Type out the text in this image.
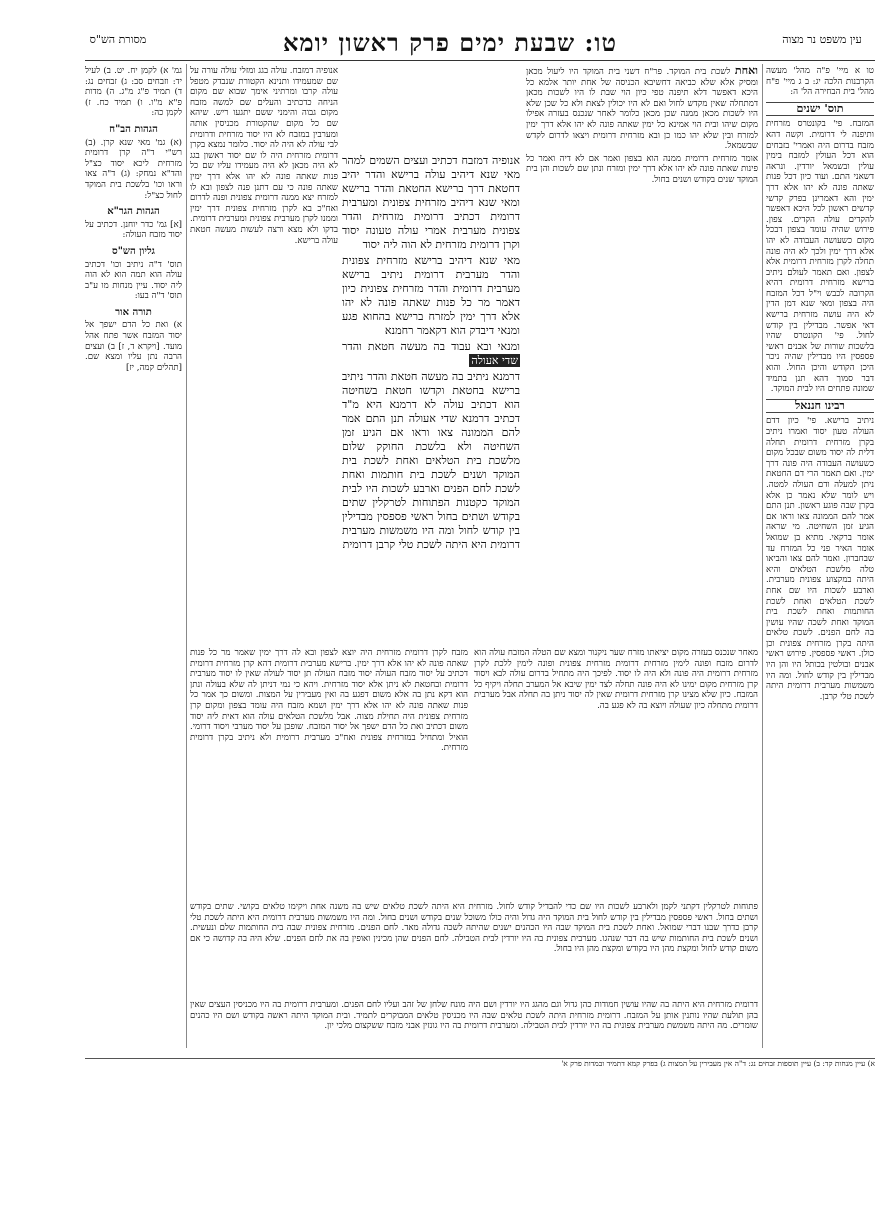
עין משפט נר מצוה
טו: שבעת ימים פרק ראשון יומא
מסורת הש"ס

טו א מיי' פ"ה מהל' מעשה הקרבנות הלכה יג: ב ג מיי' פ"ח מהל' בית הבחירה הל' ה:

תוס' ישנים

המזבח. פי' בקונטרס מזרחית ותיפנה לי דרומית. וקשה דהא מזבח בדרום היה ואמרי' בזבחים הוא דכל העולין למזבח בימין עולין ובשמאל יורדין. ונראה דשאני התם. ועוד כיון דכל פנות שאתה פונה לא יהו אלא דרך ימין והא דאמרינן בפרק קדשי קדשים ראשון לכל היכא דאפשר להקדים עולה הקדים. צפון. פירוש שהיה עומד בצפון דבכל מקום כשעושה העבודה לא יהו אלא דרך ימין ולכך לא היה פונה תחלה לקרן מזרחית דרומית אלא לצפון. ואם תאמר לעולם ניתיב ברישא מזרחית דרומית דהיא הקרובה לכבש וי"ל דכל המזבח היה בצפון ומאי שנא דמן הדין לא היה עושה מזרחית ברישא דאי אפשר. מבדילין בין קודש לחול. פי' הקונטרס שהיו בלשכות שורות של אבנים ראשי פספסין היו מבדילין שהיה ניכר היכן הקודש והיכן החול. והוא דבר סמוך דהא תנן בתמיד שמונה פתחים היו לבית המוקד.

רבינו חננאל

ניתיב ברישא. פי' כיון דדם העולה טעון יסוד ואמרו ניתיב בקרן מזרחית דרומית תחלה דלית לה יסוד משום שבכל מקום כשעושה העבודה היה פונה דרך ימין. ואם תאמר הרי דם החטאת ניתן למעלה ודם העולה למטה. ויש לומר שלא נאמר כן אלא בקרן שבה פוגע ראשון. תנן התם אמר להם הממונה צאו וראו אם הגיע זמן השחיטה. מי שראה אומר ברקאי. מתיא בן שמואל אומר האיר פני כל המזרח עד שבחברון. ואמר להם צאו והביאו טלה מלשכת הטלאים והיא היתה במקצוע צפונית מערבית. וארבע לשכות היו שם אחת לשכת הטלאים ואחת לשכת החותמות ואחת לשכת בית המוקד ואחת לשכה שהיו עושין בה לחם הפנים. לשכת טלאים היתה בקרן מזרחית צפונית וכן כולן. ראשי פספסין. פירוש ראשי אבנים ובולטין בכותל היו והן היו מבדילין בין קודש לחול. ומה היו משמשות מערבית דרומית היתה לשכת טלי קרבן.

ואחת לשכת בית המוקד. פר"ח דשני בית המוקד היו ליעול מכאן ומסיק אלא שלא כביאה דחשיבא הכניסה של אחת יותר אלמא כל היכא דאפשר דלא תיפנה טפי כיון הוי שבת לו היו לשכות מכאן דמתחלה שאין מקדש לחול ואם לא היו יכולין לצאת ולא כל שכן שלא היו לשכות מכאן ממנה שכן מכאן כלומר לאחר שנכנס בעזרה אפילו מקום שיהו ובית הוי אמינא כל ימין שאתה פונה לא יהו אלא דרך ימין למזרח ובין שלא יהו כמו כן ובא מזרחית דרומית ויצאו לדרום לקדש שבשמאל.

אומר מזרחית דרומית ממנה הוא בצפון ואמר אם לא דיה ואמר כל פינות שאתה פונה לא יהו אלא דרך ימין ומזרח ונתן שם לשכות והן בית המוקד שנים בקודש ושנים בחול.

אנופיה דמזבח דכתיב ועצים השמים למהר מאי שנא דיהיב עולה ברישא והדר יהיב דחטאת דרך ברישא החטאת והדר ברישא ומאי שנא דיהיב מזרחית צפונית ומערבית דרומית דכתיב דרומית מזרחית והדר צפונית מערבית אמרי עולה טעונה יסוד וקרן דרומית מזרחית לא הוה ליה יסוד

מאי שנא דיהיב ברישא מזרחית צפונית והדר מערבית דרומית ניתיב ברישא מערבית דרומית והדר מזרחית צפונית כיון דאמר מר כל פנות שאתה פונה לא יהו אלא דרך ימין למזרח ברישא בהחוא פגע ומנאי דיבדק הוא דקאמר רחמנא

ומנאי ובא עבוד בה מעשה חטאת והדר שדי אעולה

דרמנא ניתיב בה מעשה חטאת והדר ניתיב ברישא בחטאת וקדשו חטאת בשחיטה הוא דכתיב עולה לא דרמנא היא מ"ד דכתיב דרמנא שדי אעולה תנן התם אמר להם הממונה צאו וראו אם הגיע זמן השחיטה ולא בלשכת החוקק שלום מלשכת בית הטלאים ואחת לשכת בית המוקד ושנים לשכת בית חותמות ואחת לשכת לחם הפנים וארבע לשכות היו לבית המוקד כקטנות הפתוחות לטרקלין שתים בקודש ושתים בחול ראשי פספסין מבדילין בין קודש לחול ומה היו משמשות מערבית דרומית היא היתה לשכת טלי קרבן דרומית

אנופיה דמזבח. עולה בגג ומזלי עולה עורה על שם שמעמידו ותנינא הקטורת שנבדק מטפל עולה קרבו ומרתיני אימך שבוא שם מקום הניחה כדכתיב והעלים שם למשה מזבח מקום גבוה והימני ששם יתגעו ריש. שיהא שם כל מקום שהקטורת מכניסין אותה ומערבין במזבח לא היו יסוד מזרחית ודרומית לבי עולה לא היה לה יסוד. כלומר נמצא בקרן דרומית מזרחית היה לו שם יסוד ראשון בגג לא היה מכאן לא היה מעמידו עליו שם כל פנות שאתה פונה לא יהו אלא דרך ימין שאתה פונה כי עם דתנן פנה לצפון ובא לו למזרח יצא ממנה דרומית צפונית ופנה לדרום ואח"כ בא לקרן מזרחית צפונית דרך ימין וממנו לקרן מערבית צפונית ומערבית דרומית. בדקו ולא מצא ורצה לעשות מעשה חטאת עולה ברישא.

מזבח לקרן דרומית מזרחית היה יוצא לצפון ובא לה דרך ימין שאמר מר כל פנות שאתה פונה לא יהו אלא דרך ימין. ברישא מערבית דרומית דהא קרן מזרחית דרומית דכתיב על יסוד מזבח העולה יסוד מזבח העולה תן יסוד לעולה שאין לו יסוד מערבית דרומית ובחטאת לא ניתן אלא יסוד מזרחית. ויהא כי נמי דניתן לה שלא בעולה ונתן הוא דקא נתן בה אלא משום דפגע בה ואין מעבירין על המצות. ומשום כך אמר כל פנות שאתה פונה לא יהו אלא דרך ימין ושמא מזבח היה עומד בצפון ומקום קרן מזרחית צפונית היה תחילת מצוה. אבל מלשכת הטלאים עולה הוא דאית ליה יסוד משום דכתיב ואת כל הדם ישפך אל יסוד המזבח. שופכן על יסוד מערבי ויסוד דרומי. הואיל ומתחיל במזרחית צפונית ואח"כ מערבית דרומית ולא ניתיב בקרן דרומית מזרחית.

מאחר שנכנס בעזרה מקום יציאתו מזרח שער ניקנור ומצא שם הטלה המזבח עולה הוא לדרום מזבח ופונה לימין מזרחית דרומית מזרחית צפונית ופונה לימין ללכת לקרן מזרחית דרומית היה פונה ולא היה לו יסוד. לפיכך היה מתחיל בדרום עולה לבא ויסוד קרן מזרחית מקום ימינו לא היה פונה תחלה לצד ימין שיבא אל המערב תחלה ויקיף כל המזבח. כיון שלא מצינו קרן מזרחית דרומית שאין לה יסוד ניתן בה תחלה אבל מערבית דרומית מתחלה כיון שעולה ויוצא בה לא פגע בה.

פתוחות לטרקלין דקתני לקמן ולארבע לשכות היו שם כדי להבדיל קודש לחול. מזרחית היא היתה לשכת טלאים שיש בה משנה אחת ויקימו טלאים בקושי. שתים בקודש ושתים בחול. ראשי פספסין מבדילין בין קודש לחול בית המוקד היה גדול והיה כולו משוכל שנים בקודש ושנים בחול. ומה היו משמשות מערבית דרומית היא היתה לשכת טלי קרבן כדרך שבנו דברי שמואל. ואחת לשכת בית המוקד שבה היו הכהנים ישנים שהיתה לשכה גדולה מאד. לחם הפנים. מזרחית צפונית שבה בית החותמות שלם ונעשית. ושנים לשכת בית החותמות שיש בה דבר שנהגו. מערבית צפונית בה היו יורדין לבית הטבילה. לחם הפנים שהן מכינין ואופין בה את לחם הפנים. שלא היה בה קדושה כי אם משום קודש לחול ומקצת מהן היו בקודש ומקצת מהן היו בחול.

דרומית מזרחית היא היתה בה שהיו עושין חמודות כהן גדול וגם מהגג היו יורדין ושם היה מונח שלחן של זהב ועליו לחם הפנים. ומערבית דרומית בה היו מכניסין העצים שאין בהן תולעת שהיו נותנין אותן על המזבח. דרומית מזרחית היתה לשכת טלאים שבה היו מכניסין טלאים המבוקרים לתמיד. ובית המוקד היתה ראשה בקודש ושם היו כהנים שומרים. מה היתה משמשת מערבית צפונית בה היו יורדין לבית הטבילה. ומערבית דרומית בה היו גונזין אבני מזבח ששקצום מלכי יון.

גמ' א) לקמן יח. יט. ב) לעיל יד: וזבחים סב: ג) זבחים נג: ד) תמיד פ"ג מ"ג. ה) מדות פ"א מ"ו. ו) תמיד כח. ז) לקמן כה:

הגהות הב"ח

(א) גמ' מאי שנא קרן. (ב) רש"י ד"ה קרן דרומית מזרחית ליכא יסוד כצ"ל והד"א נמחק: (ג) ד"ה צאו וראו וכו' בלשכת בית המוקד לחול כצ"ל:

הגהות הגר"א

[א] גמ' כדר יוחנן. דכתיב על יסוד מזבח העולה:

גליון הש"ס

תוס' ד"ה ניתיב וכו' דכתיב עולה הוא תמה הוא לא הוה ליה יסוד. עיין מנחות מו ע"ב תוס' ד"ה בעו:

תורה אור

א) ואת כל הדם ישפך אל יסוד המזבח אשר פתח אהל מועד. [ויקרא ד, ז] ב) ועצים הרבה נתן עליו ומצא שם. [תהלים קמה, יז]

א) עיין מנחות קד: ב) עיין תוספות זבחים נג: ד"ה אין מעבירין על המצות ג) בפרק קמא דתמיד ובמדות פרק א'
